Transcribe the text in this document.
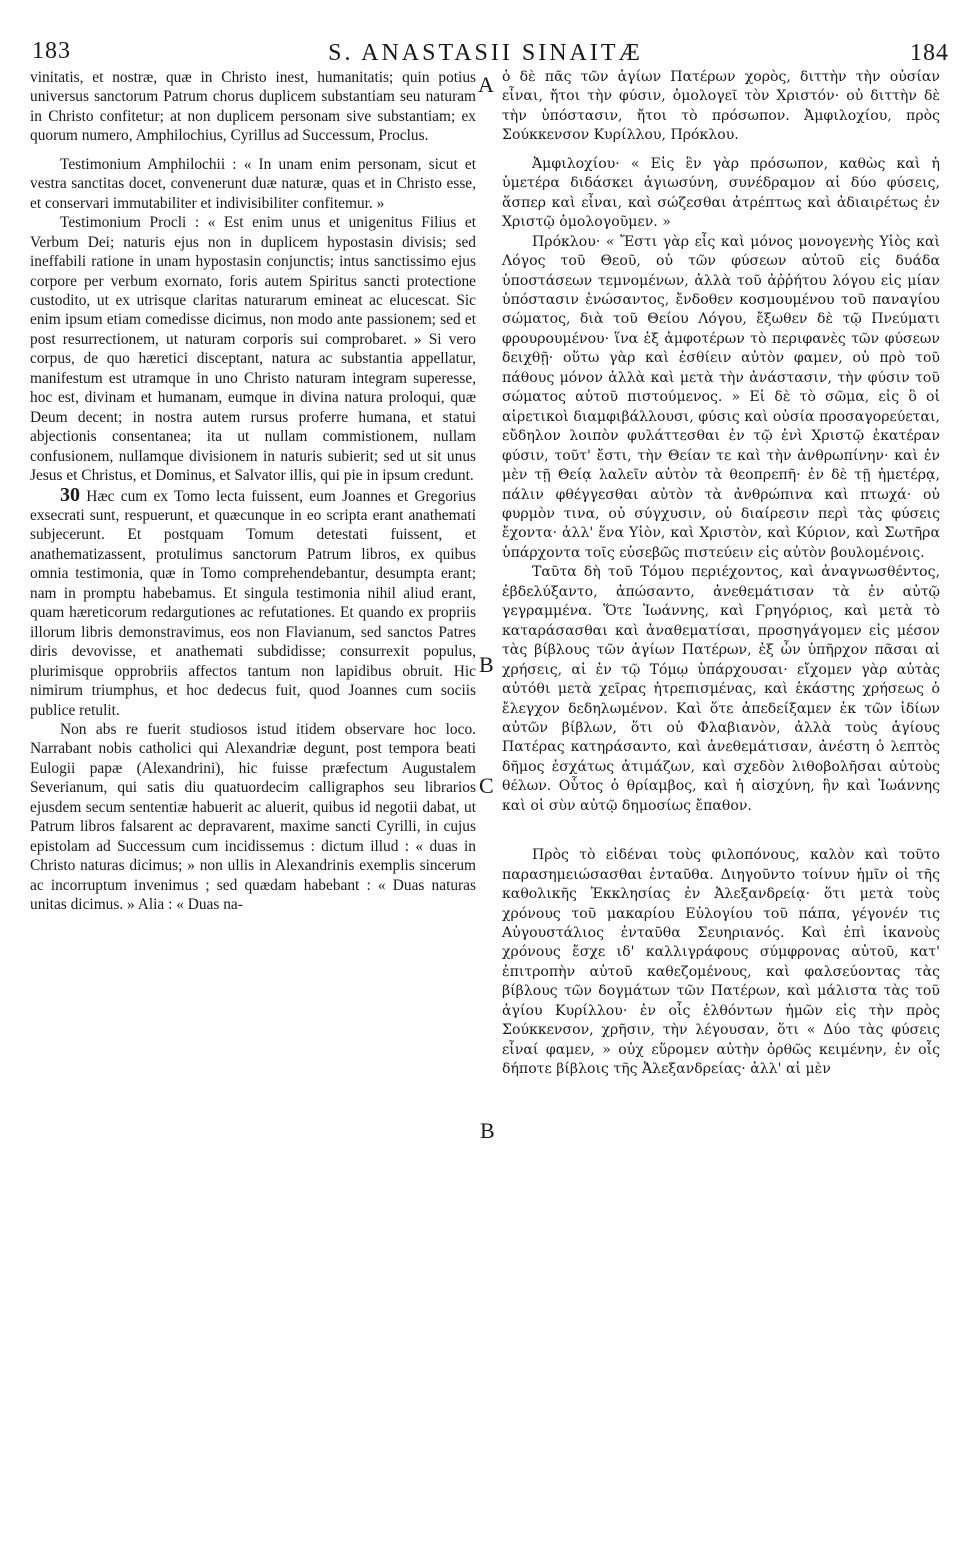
183	S. ANASTASII SINAITÆ	184

vinitatis, et nostræ, quæ in Christo inest, humanitatis; quin potius universus sanctorum Patrum chorus duplicem substantiam seu naturam in Christo confitetur; at non duplicem personam sive substantiam; ex quorum numero, Amphilochius, Cyrillus ad Successum, Proclus.

Testimonium Amphilochii : « In unam enim personam, sicut et vestra sanctitas docet, convenerunt duæ naturæ, quas et in Christo esse, et conservari immutabiliter et indivisibiliter confitemur. »

Testimonium Procli : « Est enim unus et unigenitus Filius et Verbum Dei; naturis ejus non in duplicem hypostasin divisis; sed ineffabili ratione in unam hypostasin conjunctis; intus sanctissimo ejus corpore per verbum exornato, foris autem Spiritus sancti protectione custodito, ut ex utrisque claritas naturarum emineat ac elucescat. Sic enim ipsum etiam comedisse dicimus, non modo ante passionem; sed et post resurrectionem, ut naturam corporis sui comprobaret. » Si vero corpus, de quo hæretici disceptant, natura ac substantia appellatur, manifestum est utramque in uno Christo naturam integram superesse, hoc est, divinam et humanam, eumque in divina natura proloqui, quæ Deum decent; in nostra autem rursus proferre humana, et statui abjectionis consentanea; ita ut nullam commistionem, nullam confusionem, nullamque divisionem in naturis subierit; sed ut sit unus Jesus et Christus, et Dominus, et Salvator illis, qui pie in ipsum credunt.

30 Hæc cum ex Tomo lecta fuissent, eum Joannes et Gregorius exsecrati sunt, respuerunt, et quæcunque in eo scripta erant anathemati subjecerunt. Et postquam Tomum detestati fuissent, et anathematizassent, protulimus sanctorum Patrum libros, ex quibus omnia testimonia, quæ in Tomo comprehendebantur, desumpta erant; nam in promptu habebamus. Et singula testimonia nihil aliud erant, quam hæreticorum redargutiones ac refutationes. Et quando ex propriis illorum libris demonstravimus, eos non Flavianum, sed sanctos Patres diris devovisse, et anathemati subdidisse; consurrexit populus, plurimisque opprobriis affectos tantum non lapidibus obruit. Hic nimirum triumphus, et hoc dedecus fuit, quod Joannes cum sociis publice retulit.

Non abs re fuerit studiosos istud itidem observare hoc loco. Narrabant nobis catholici qui Alexandriæ degunt, post tempora beati Eulogii papæ (Alexandrini), hic fuisse præfectum Augustalem Severianum, qui satis diu quatuordecim calligraphos seu librarios ejusdem secum sententiæ habuerit ac aluerit, quibus id negotii dabat, ut Patrum libros falsarent ac depravarent, maxime sancti Cyrilli, in cujus epistolam ad Successum cum incidissemus : dictum illud : « duas in Christo naturas dicimus; » non ullis in Alexandrinis exemplis sincerum ac incorruptum invenimus ; sed quædam habebant : « Duas naturas unitas dicimus. » Alia : « Duas na-

A
B
C
B

ὁ δὲ πᾶς τῶν ἁγίων Πατέρων χορὸς, διττὴν τὴν οὐσίαν εἶναι, ἤτοι τὴν φύσιν, ὁμολογεῖ τὸν Χριστόν· οὐ διττὴν δὲ τὴν ὑπόστασιν, ἤτοι τὸ πρόσωπον. Ἀμφιλοχίου, πρὸς Σούκκενσον Κυρίλλου, Πρόκλου.

Ἀμφιλοχίου· « Εἰς ἓν γὰρ πρόσωπον, καθὼς καὶ ἡ ὑμετέρα διδάσκει ἁγιωσύνη, συνέδραμον αἱ δύο φύσεις, ἅσπερ καὶ εἶναι, καὶ σώζεσθαι ἀτρέπτως καὶ ἀδιαιρέτως ἐν Χριστῷ ὁμολογοῦμεν. »

Πρόκλου· « Ἔστι γὰρ εἷς καὶ μόνος μονογενὴς Υἱὸς καὶ Λόγος τοῦ Θεοῦ, οὐ τῶν φύσεων αὐτοῦ εἰς δυάδα ὑποστάσεων τεμνομένων, ἀλλὰ τοῦ ἀῤῥήτου λόγου εἰς μίαν ὑπόστασιν ἑνώσαντος, ἔνδοθεν κοσμουμένου τοῦ παναγίου σώματος, διὰ τοῦ Θείου Λόγου, ἔξωθεν δὲ τῷ Πνεύματι φρουρουμένου· ἵνα ἐξ ἀμφοτέρων τὸ περιφανὲς τῶν φύσεων δειχθῇ· οὕτω γὰρ καὶ ἐσθίειν αὐτὸν φαμεν, οὐ πρὸ τοῦ πάθους μόνον ἀλλὰ καὶ μετὰ τὴν ἀνάστασιν, τὴν φύσιν τοῦ σώματος αὐτοῦ πιστούμενος. » Εἰ δὲ τὸ σῶμα, εἰς ὃ οἱ αἱρετικοὶ διαμφιβάλλουσι, φύσις καὶ οὐσία προσαγορεύεται, εὔδηλον λοιπὸν φυλάττεσθαι ἐν τῷ ἑνὶ Χριστῷ ἑκατέραν φύσιν, τοῦτ' ἔστι, τὴν Θείαν τε καὶ τὴν ἀνθρωπίνην· καὶ ἐν μὲν τῇ Θείᾳ λαλεῖν αὐτὸν τὰ θεοπρεπῆ· ἐν δὲ τῇ ἡμετέρᾳ, πάλιν φθέγγεσθαι αὐτὸν τὰ ἀνθρώπινα καὶ πτωχά· οὐ φυρμὸν τινα, οὐ σύγχυσιν, οὐ διαίρεσιν περὶ τὰς φύσεις ἔχοντα· ἀλλ' ἕνα Υἱὸν, καὶ Χριστὸν, καὶ Κύριον, καὶ Σωτῆρα ὑπάρχοντα τοῖς εὐσεβῶς πιστεύειν εἰς αὐτὸν βουλομένοις.

Ταῦτα δὴ τοῦ Τόμου περιέχοντος, καὶ ἀναγνωσθέντος, ἐβδελύξαντο, ἀπώσαντο, ἀνεθεμάτισαν τὰ ἐν αὐτῷ γεγραμμένα. Ὅτε Ἰωάννης, καὶ Γρηγόριος, καὶ μετὰ τὸ καταράσασθαι καὶ ἀναθεματίσαι, προσηγάγομεν εἰς μέσον τὰς βίβλους τῶν ἁγίων Πατέρων, ἐξ ὧν ὑπῆρχον πᾶσαι αἱ χρήσεις, αἱ ἐν τῷ Τόμῳ ὑπάρχουσαι· εἴχομεν γὰρ αὐτὰς αὐτόθι μετὰ χεῖρας ἡτρεπισμένας, καὶ ἑκάστης χρήσεως ὁ ἔλεγχον δεδηλωμένον. Καὶ ὅτε ἀπεδείξαμεν ἐκ τῶν ἰδίων αὐτῶν βίβλων, ὅτι οὐ Φλαβιανὸν, ἀλλὰ τοὺς ἁγίους Πατέρας κατηράσαντο, καὶ ἀνεθεμάτισαν, ἀνέστη ὁ λεπτὸς δῆμος ἐσχάτως ἀτιμάζων, καὶ σχεδὸν λιθοβολῆσαι αὐτοὺς θέλων. Οὗτος ὁ θρίαμβος, καὶ ἡ αἰσχύνη, ἣν καὶ Ἰωάννης καὶ οἱ σὺν αὐτῷ δημοσίως ἔπαθον.

Πρὸς τὸ εἰδέναι τοὺς φιλοπόνους, καλὸν καὶ τοῦτο παρασημειώσασθαι ἐνταῦθα. Διηγοῦντο τοίνυν ἡμῖν οἱ τῆς καθολικῆς Ἐκκλησίας ἐν Ἀλεξανδρείᾳ· ὅτι μετὰ τοὺς χρόνους τοῦ μακαρίου Εὐλογίου τοῦ πάπα, γέγονέν τις Αὐγουστάλιος ἐνταῦθα Σευηριανός. Καὶ ἐπὶ ἱκανοὺς χρόνους ἔσχε ιδ' καλλιγράφους σύμφρονας αὐτοῦ, κατ' ἐπιτροπὴν αὐτοῦ καθεζομένους, καὶ φαλσεύοντας τὰς βίβλους τῶν δογμάτων τῶν Πατέρων, καὶ μάλιστα τὰς τοῦ ἁγίου Κυρίλλου· ἐν οἷς ἐλθόντων ἡμῶν εἰς τὴν πρὸς Σούκκενσον, χρῆσιν, τὴν λέγουσαν, ὅτι « Δύο τὰς φύσεις εἶναί φαμεν, » οὐχ εὕρομεν αὐτὴν ὀρθῶς κειμένην, ἐν οἷς δήποτε βίβλοις τῆς Ἀλεξανδρείας· ἀλλ' αἱ μὲν
